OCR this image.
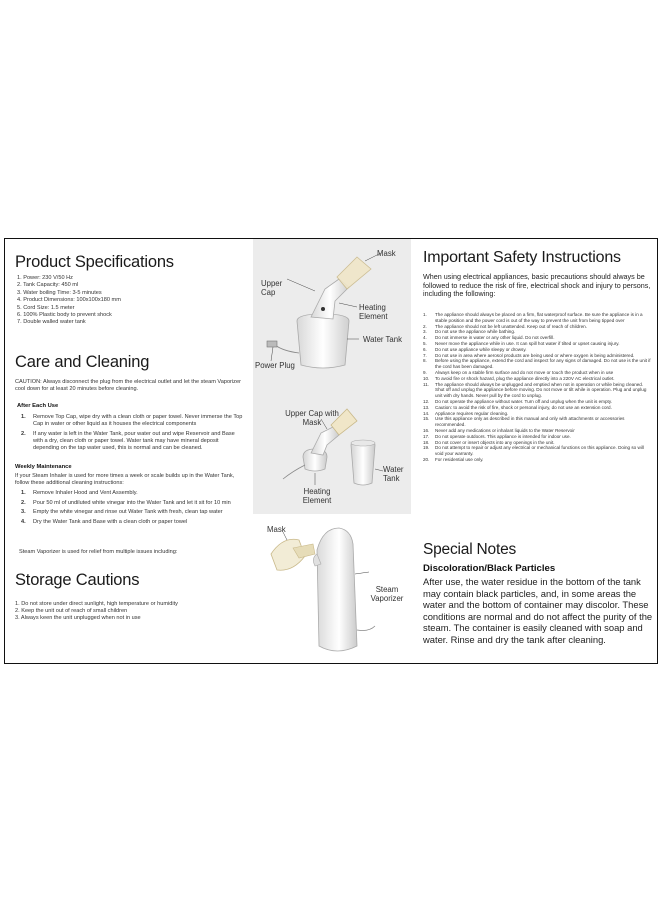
Product Specifications
1. Power: 230 V/50 Hz
2. Tank Capacity: 450 ml
3. Water boiling Time: 3-5 minutes
4. Product Dimensions: 100x100x180 mm
5. Cord Size: 1.5 meter
6. 100% Plastic body to prevent shock
7. Double walled water tank
Care and Cleaning

CAUTION: Always disconnect the plug from the electrical outlet and let the steam Vaporizer cool down for at least 20 minutes before cleaning.

After Each Use

1. Remove Top Cap, wipe dry with a clean cloth or paper towel. Never immerse the Top Cap in water or other liquid as it houses the electrical components
2. If any water is left in the Water Tank, pour water out and wipe Reservoir and Base with a dry, clean cloth or paper towel. Water tank may have mineral deposit depending on the tap water used, this is normal and can be cleaned.

Weekly Maintenance

If your Steam Inhaler is used for more times a week or scale builds up in the Water Tank, follow these additional cleaning instructions:

1. Remove Inhaler Hood and Vent Assembly.
2. Pour 50 ml of undiluted white vinegar into the Water Tank and let it sit for 10 min
3. Empty the white vinegar and rinse out Water Tank with fresh, clean tap water
4. Dry the Water Tank and Base with a clean cloth or paper towel

Steam Vaporizer is used for relief from multiple issues including:

Storage Cautions
1. Do not store under direct sunlight, high temperature or humidity
2. Keep the unit out of reach of small children
3. Always keen the unit unplugged when not in use
Mask
Upper Cap
Heating Element
Water Tank
Power Plug
Upper Cap with Mask
Water Tank
Heating Element
Mask
Steam Vaporizer
Important Safety Instructions

When using electrical appliances, basic precautions should always be followed to reduce the risk of fire, electrical shock and injury to persons, including the following:

1. The appliance should always be placed on a firm, flat waterproof surface. Be sure the appliance is in a stable position and the power cord is out of the way to prevent the unit from being tipped over
2. The appliance should not be left unattended. Keep out of reach of children.
3. Do not use the appliance while bathing.
4. Do not immerse in water or any other liquid. Do not overfill.
5. Never move the appliance while in use. It can spill hot water if tilted or upset causing injury.
6. Do not use appliance while sleepy or drowsy.
7. Do not use in area where aerosol products are being used or where oxygen is being administered.
8. Before using the appliance, extend the cord and inspect for any signs of damaged. Do not use is the unit if the cord has been damaged.
9. Always keep on a stable firm surface and do not move or touch the product when in use
10. To avoid fire or shock hazard, plug the appliance directly into a 220V AC electrical outlet.
11. The appliance should always be unplugged and emptied when not in operation or while being cleaned. Shut off and unplug the appliance before moving. Do not move or tilt while in operation. Plug and unplug unit with dry hands. Never pull by the cord to unplug.
12. Do not operate the appliance without water. Turn off and unplug when the unit is empty.
13. Caution: to avoid the risk of fire, shock or personal injury, do not use an extension cord.
14. Appliance requires regular cleaning.
15. Use this appliance only as described in this manual and only with attachments or accessories recommended.
16. Never add any medications or inhalant liquids to the Water Reservoir
17. Do not operate outdoors. This appliance is intended for indoor use.
18. Do not cover or insert objects into any openings in the unit.
19. Do not attempt to repair or adjust any electrical or mechanical functions on this appliance. Doing so will void your warranty.
20. For residential use only.
Special Notes

Discoloration/Black Particles

After use, the water residue in the bottom of the tank may contain black particles, and, in some areas the water and the bottom of container may discolor. These conditions are normal and do not affect the purity of the steam. The container is easily cleaned with soap and water. Rinse and dry the tank after cleaning.
